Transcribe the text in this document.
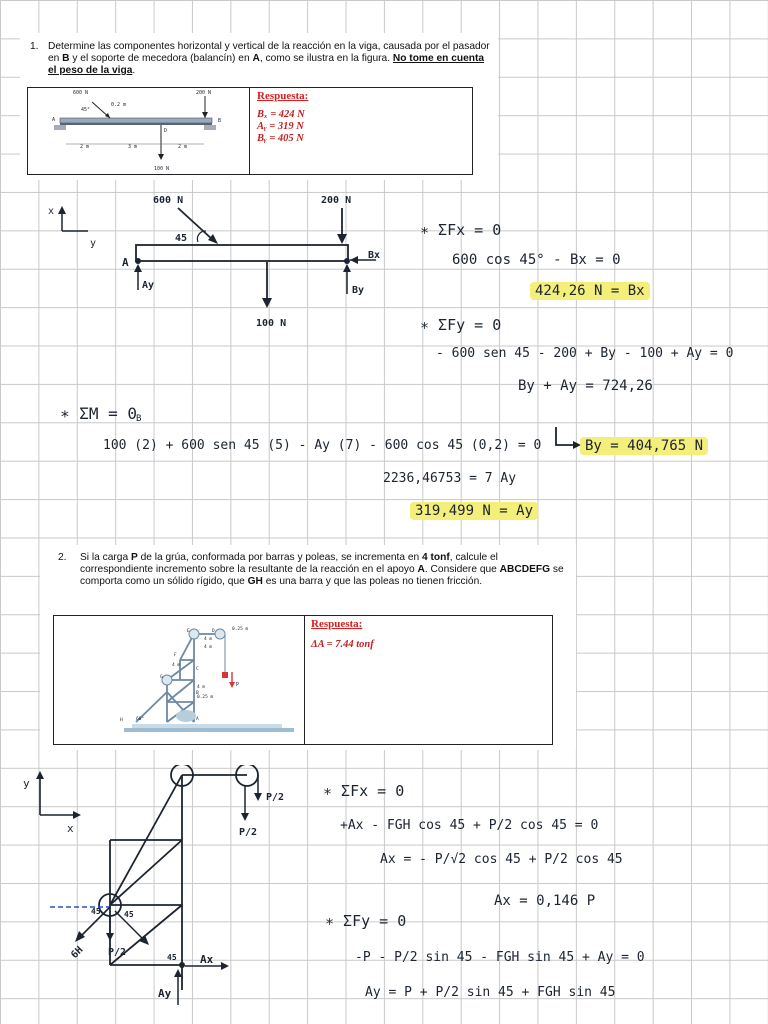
1. Determine las componentes horizontal y vertical de la reacción en la viga, causada por el pasador en B y el soporte de mecedora (balancín) en A, como se ilustra en la figura. No tome en cuenta el peso de la viga.
600 N	200 N
45°
0.2 m
A	B
D
2 m	3 m	2 m
100 N
Respuesta:
Bₓ = 424 N
Aᵧ = 319 N
Bᵧ = 405 N
x
y
600 N
45
200 N
Bx
A
Ay	By
100 N
∗ ΣFx = 0
600 cos 45° - Bx = 0
424,26 N = Bx
∗ ΣFy = 0
- 600 sen 45 - 200 + By - 100 + Ay = 0
By + Ay = 724,26
∗ ΣM = 0
B
100 (2) + 600 sen 45 (5) - Ay (7) - 600 cos 45 (0,2) = 0	By = 404,765 N
2236,46753 = 7 Ay
319,499 N = Ay
2. Si la carga P de la grúa, conformada por barras y poleas, se incrementa en 4 tonf, calcule el correspondiente incremento sobre la resultante de la reacción en el apoyo A. Considere que ABCDEFG se comporta como un sólido rígido, que GH es una barra y que las poleas no tienen fricción.
0.25 m
4 m
4 m
4 m
4 m
0.25 m
C
B
A
H
G
E
F
D
P
60°
Respuesta:
ΔA = 7.44 tonf
y
x
P/2
P/2
6H
45	45
P/2	45 Ax
Ay
∗ ΣFx = 0
+Ax - FGH cos 45 + P/2 cos 45 = 0
Ax = - P/√2 cos 45 + P/2 cos 45
Ax = 0,146 P
∗ ΣFy = 0
-P - P/2 sin 45 - FGH sin 45 + Ay = 0
Ay = P + P/2 sin 45 + FGH sin 45
